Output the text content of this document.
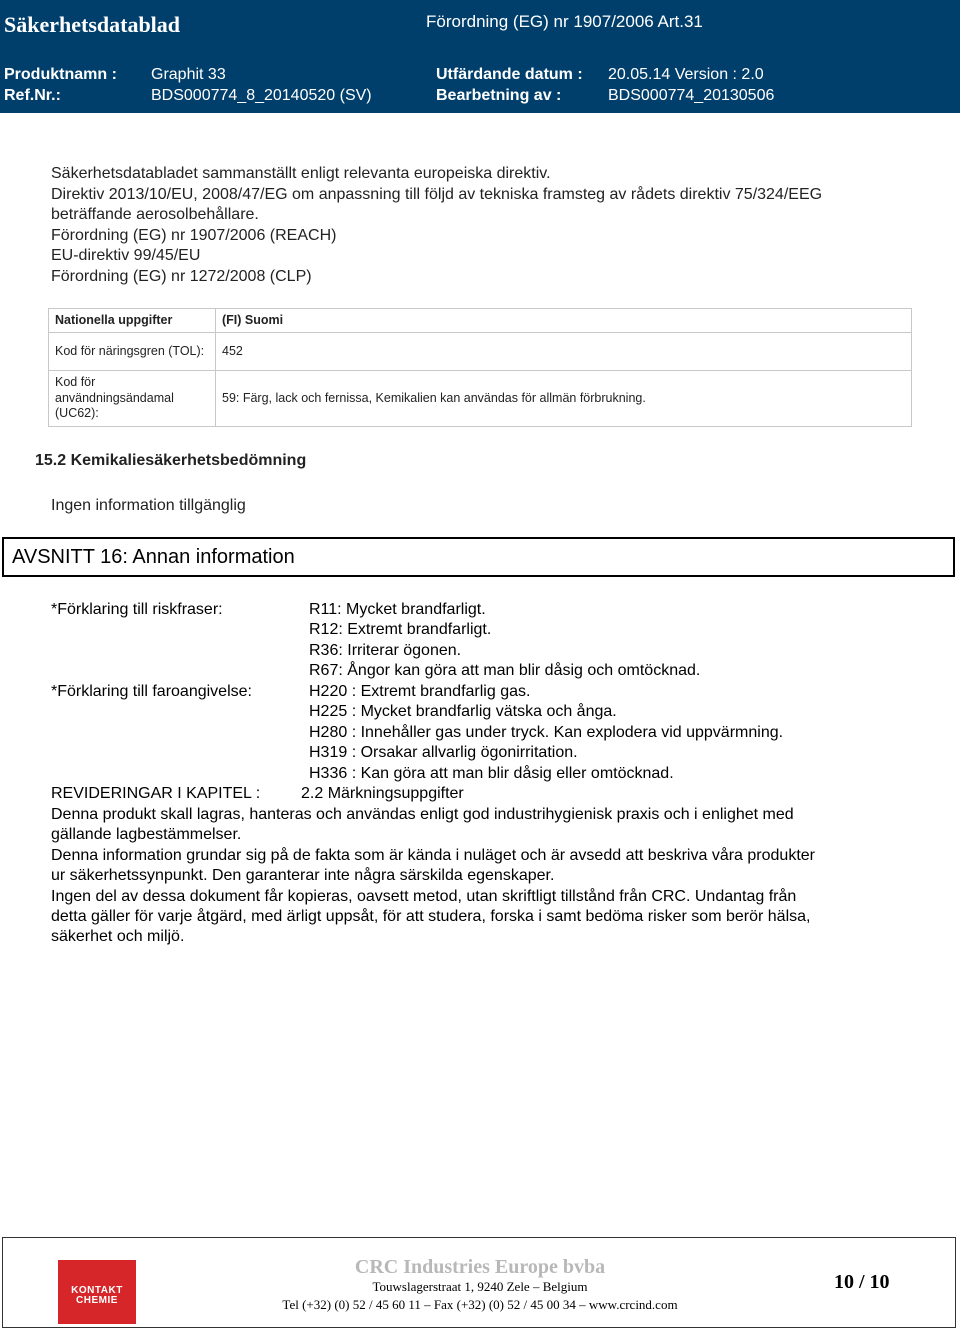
Säkerhetsdatablad	Förordning (EG) nr 1907/2006 Art.31
Produktnamn : Graphit 33	Utfärdande datum : 20.05.14 Version : 2.0
Ref.Nr.:	BDS000774_8_20140520 (SV)	Bearbetning av :	BDS000774_20130506
Säkerhetsdatabladet sammanställt enligt relevanta europeiska direktiv.
Direktiv 2013/10/EU, 2008/47/EG om anpassning till följd av tekniska framsteg av rådets direktiv 75/324/EEG
beträffande aerosolbehållare.
Förordning (EG) nr 1907/2006 (REACH)
EU-direktiv 99/45/EU
Förordning (EG) nr 1272/2008 (CLP)
Nationella uppgifter	(FI) Suomi
Kod för näringsgren (TOL):	452
Kod för användningsändamal (UC62):	59: Färg, lack och fernissa, Kemikalien kan användas för allmän förbrukning.
15.2 Kemikaliesäkerhetsbedömning
Ingen information tillgänglig
AVSNITT 16: Annan information
*Förklaring till riskfraser:	R11: Mycket brandfarligt.
R12: Extremt brandfarligt.
R36: Irriterar ögonen.
R67: Ångor kan göra att man blir dåsig och omtöcknad.
*Förklaring till faroangivelse:	H220 : Extremt brandfarlig gas.
H225 : Mycket brandfarlig vätska och ånga.
H280 : Innehåller gas under tryck. Kan explodera vid uppvärmning.
H319 : Orsakar allvarlig ögonirritation.
H336 : Kan göra att man blir dåsig eller omtöcknad.
REVIDERINGAR I KAPITEL :	2.2 Märkningsuppgifter
Denna produkt skall lagras, hanteras och användas enligt god industrihygienisk praxis och i enlighet med
gällande lagbestämmelser.
Denna information grundar sig på de fakta som är kända i nuläget och är avsedd att beskriva våra produkter
ur säkerhetssynpunkt. Den garanterar inte några särskilda egenskaper.
Ingen del av dessa dokument får kopieras, oavsett metod, utan skriftligt tillstånd från CRC. Undantag från
detta gäller för varje åtgärd, med ärligt uppsåt, för att studera, forska i samt bedöma risker som berör hälsa,
säkerhet och miljö.
KONTAKT CHEMIE
CRC Industries Europe bvba
Touwslagerstraat 1, 9240 Zele – Belgium
Tel (+32) (0) 52 / 45 60 11 – Fax (+32) (0) 52 / 45 00 34 – www.crcind.com
10 / 10
